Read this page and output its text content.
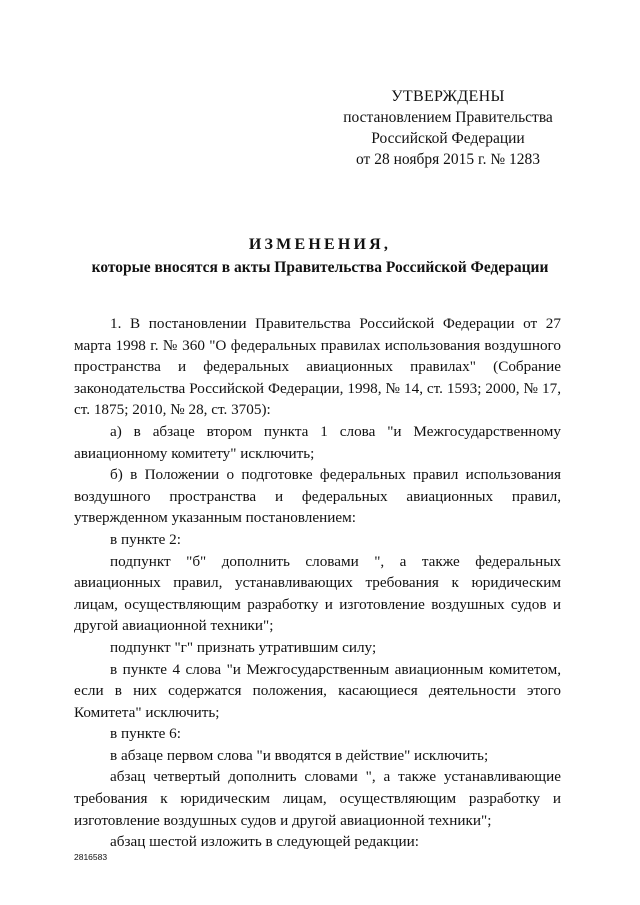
УТВЕРЖДЕНЫ
постановлением Правительства
Российской Федерации
от 28 ноября 2015 г. № 1283
ИЗМЕНЕНИЯ,
которые вносятся в акты Правительства Российской Федерации

1. В постановлении Правительства Российской Федерации от 27 марта 1998 г. № 360 "О федеральных правилах использования воздушного пространства и федеральных авиационных правилах" (Собрание законодательства Российской Федерации, 1998, № 14, ст. 1593; 2000, № 17, ст. 1875; 2010, № 28, ст. 3705):

а) в абзаце втором пункта 1 слова "и Межгосударственному авиационному комитету" исключить;

б) в Положении о подготовке федеральных правил использования воздушного пространства и федеральных авиационных правил, утвержденном указанным постановлением:

в пункте 2:

подпункт "б" дополнить словами ", а также федеральных авиационных правил, устанавливающих требования к юридическим лицам, осуществляющим разработку и изготовление воздушных судов и другой авиационной техники";

подпункт "г" признать утратившим силу;

в пункте 4 слова "и Межгосударственным авиационным комитетом, если в них содержатся положения, касающиеся деятельности этого Комитета" исключить;

в пункте 6:

в абзаце первом слова "и вводятся в действие" исключить;

абзац четвертый дополнить словами ", а также устанавливающие требования к юридическим лицам, осуществляющим разработку и изготовление воздушных судов и другой авиационной техники";

абзац шестой изложить в следующей редакции:

2816583
